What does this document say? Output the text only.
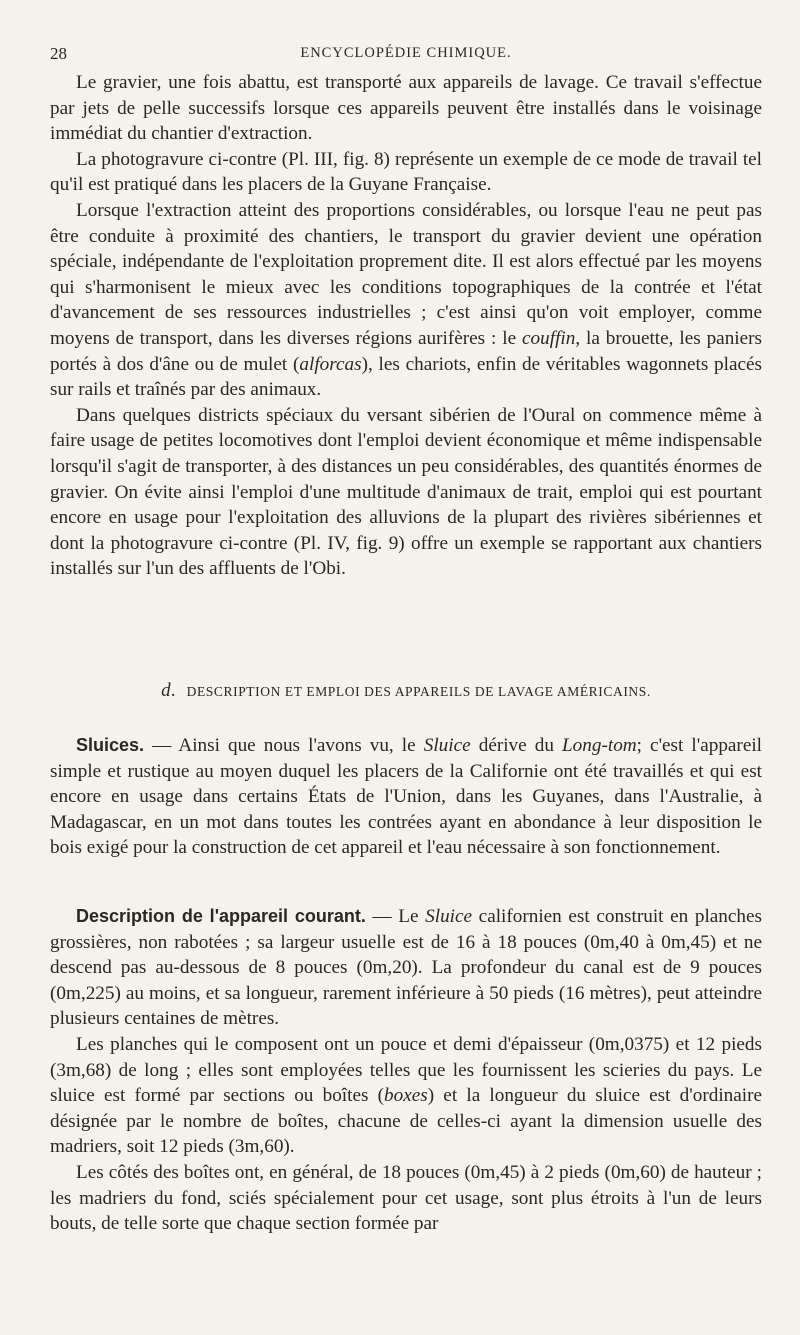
28	ENCYCLOPÉDIE CHIMIQUE.

Le gravier, une fois abattu, est transporté aux appareils de lavage. Ce travail s'effectue par jets de pelle successifs lorsque ces appareils peuvent être installés dans le voisinage immédiat du chantier d'extraction.

La photogravure ci-contre (Pl. III, fig. 8) représente un exemple de ce mode de travail tel qu'il est pratiqué dans les placers de la Guyane Française.

Lorsque l'extraction atteint des proportions considérables, ou lorsque l'eau ne peut pas être conduite à proximité des chantiers, le transport du gravier devient une opération spéciale, indépendante de l'exploitation proprement dite. Il est alors effectué par les moyens qui s'harmonisent le mieux avec les conditions topographiques de la contrée et l'état d'avancement de ses ressources industrielles ; c'est ainsi qu'on voit employer, comme moyens de transport, dans les diverses régions aurifères : le couffin, la brouette, les paniers portés à dos d'âne ou de mulet (alforcas), les chariots, enfin de véritables wagonnets placés sur rails et traînés par des animaux.

Dans quelques districts spéciaux du versant sibérien de l'Oural on commence même à faire usage de petites locomotives dont l'emploi devient économique et même indispensable lorsqu'il s'agit de transporter, à des distances un peu considérables, des quantités énormes de gravier. On évite ainsi l'emploi d'une multitude d'animaux de trait, emploi qui est pourtant encore en usage pour l'exploitation des alluvions de la plupart des rivières sibériennes et dont la photogravure ci-contre (Pl. IV, fig. 9) offre un exemple se rapportant aux chantiers installés sur l'un des affluents de l'Obi.

d. DESCRIPTION ET EMPLOI DES APPAREILS DE LAVAGE AMÉRICAINS.

Sluices. — Ainsi que nous l'avons vu, le Sluice dérive du Long-tom; c'est l'appareil simple et rustique au moyen duquel les placers de la Californie ont été travaillés et qui est encore en usage dans certains États de l'Union, dans les Guyanes, dans l'Australie, à Madagascar, en un mot dans toutes les contrées ayant en abondance à leur disposition le bois exigé pour la construction de cet appareil et l'eau nécessaire à son fonctionnement.

Description de l'appareil courant. — Le Sluice californien est construit en planches grossières, non rabotées ; sa largeur usuelle est de 16 à 18 pouces (0m,40 à 0m,45) et ne descend pas au-dessous de 8 pouces (0m,20). La profondeur du canal est de 9 pouces (0m,225) au moins, et sa longueur, rarement inférieure à 50 pieds (16 mètres), peut atteindre plusieurs centaines de mètres.

Les planches qui le composent ont un pouce et demi d'épaisseur (0m,0375) et 12 pieds (3m,68) de long ; elles sont employées telles que les fournissent les scieries du pays. Le sluice est formé par sections ou boîtes (boxes) et la longueur du sluice est d'ordinaire désignée par le nombre de boîtes, chacune de celles-ci ayant la dimension usuelle des madriers, soit 12 pieds (3m,60).

Les côtés des boîtes ont, en général, de 18 pouces (0m,45) à 2 pieds (0m,60) de hauteur ; les madriers du fond, sciés spécialement pour cet usage, sont plus étroits à l'un de leurs bouts, de telle sorte que chaque section formée par
